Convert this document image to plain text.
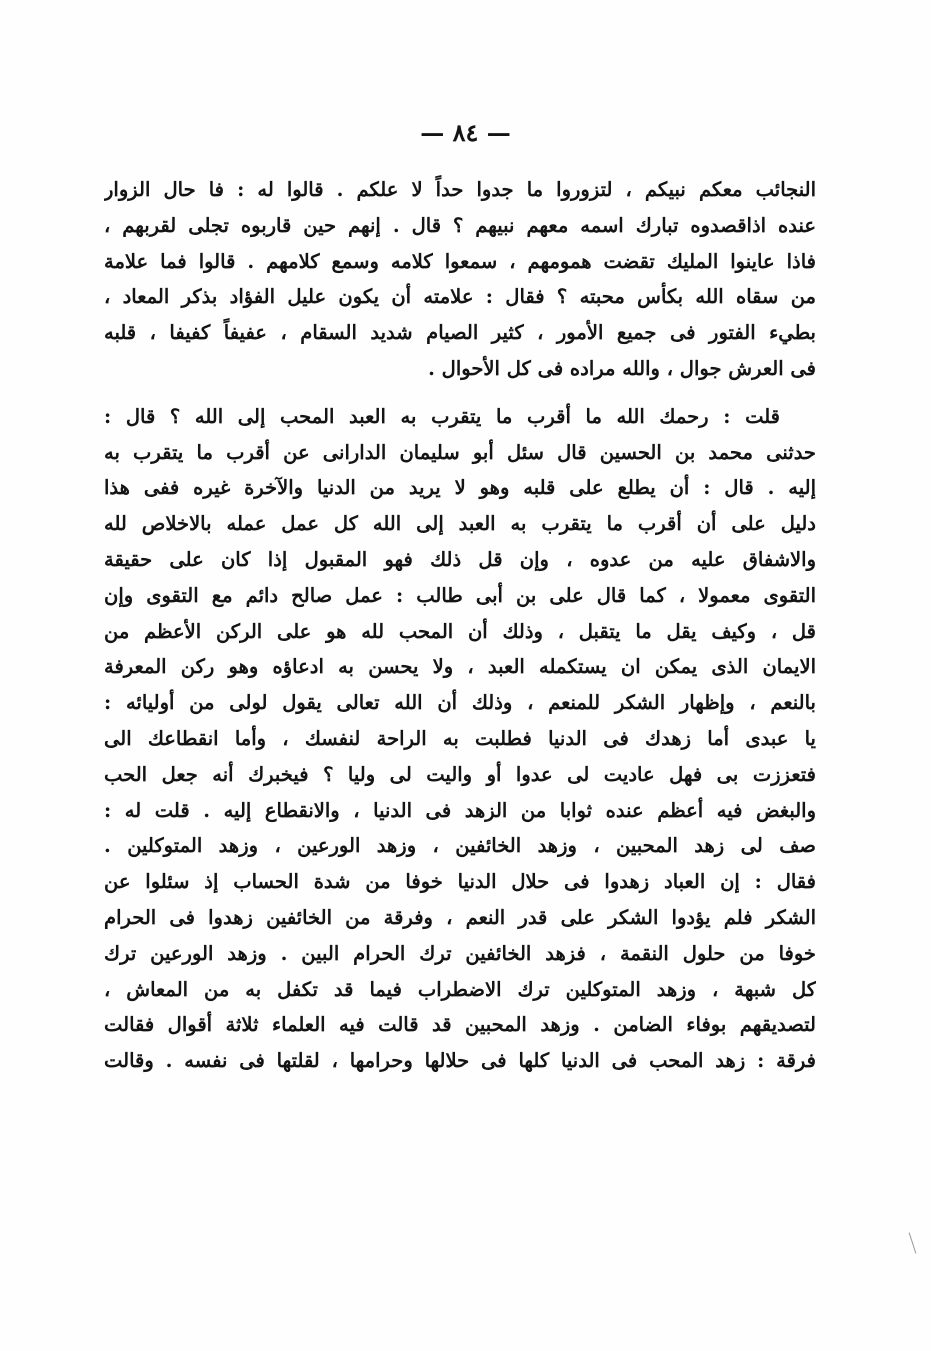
— ٨٤ —
النجائب معكم نبيكم ، لتزوروا ما جدوا حداً لا علكم . قالوا له : فا حال الزوار
عنده اذاقصدوه تبارك اسمه معهم نبيهم ؟ قال . إنهم حين قاربوه تجلى لقربهم ،
فاذا عاينوا المليك تقضت همومهم ، سمعوا كلامه وسمع كلامهم . قالوا فما علامة
من سقاه الله بكأس محبته ؟ فقال : علامته أن يكون عليل الفؤاد بذكر المعاد ،
بطيء الفتور فى جميع الأمور ، كثير الصيام شديد السقام ، عفيفاً كفيفا ، قلبه
فى العرش جوال ، والله مراده فى كل الأحوال .
قلت : رحمك الله ما أقرب ما يتقرب به العبد المحب إلى الله ؟ قال :
حدثنى محمد بن الحسين قال سئل أبو سليمان الدارانى عن أقرب ما يتقرب به
إليه . قال : أن يطلع على قلبه وهو لا يريد من الدنيا والآخرة غيره ففى هذا
دليل على أن أقرب ما يتقرب به العبد إلى الله كل عمل عمله بالاخلاص لله
والاشفاق عليه من عدوه ، وإن قل ذلك فهو المقبول إذا كان على حقيقة
التقوى معمولا ، كما قال على بن أبى طالب : عمل صالح دائم مع التقوى وإن
قل ، وكيف يقل ما يتقبل ، وذلك أن المحب لله هو على الركن الأعظم من
الايمان الذى يمكن ان يستكمله العبد ، ولا يحسن به ادعاؤه وهو ركن المعرفة
بالنعم ، وإظهار الشكر للمنعم ، وذلك أن الله تعالى يقول لولى من أوليائه :
يا عبدى أما زهدك فى الدنيا فطلبت به الراحة لنفسك ، وأما انقطاعك الى
فتعززت بى فهل عاديت لى عدوا أو واليت لى وليا ؟ فيخبرك أنه جعل الحب
والبغض فيه أعظم عنده ثوابا من الزهد فى الدنيا ، والانقطاع إليه . قلت له :
صف لى زهد المحبين ، وزهد الخائفين ، وزهد الورعين ، وزهد المتوكلين .
فقال : إن العباد زهدوا فى حلال الدنيا خوفا من شدة الحساب إذ سئلوا عن
الشكر فلم يؤدوا الشكر على قدر النعم ، وفرقة من الخائفين زهدوا فى الحرام
خوفا من حلول النقمة ، فزهد الخائفين ترك الحرام البين . وزهد الورعين ترك
كل شبهة ، وزهد المتوكلين ترك الاضطراب فيما قد تكفل به من المعاش ،
لتصديقهم بوفاء الضامن . وزهد المحبين قد قالت فيه العلماء ثلاثة أقوال فقالت
فرقة : زهد المحب فى الدنيا كلها فى حلالها وحرامها ، لقلتها فى نفسه . وقالت
